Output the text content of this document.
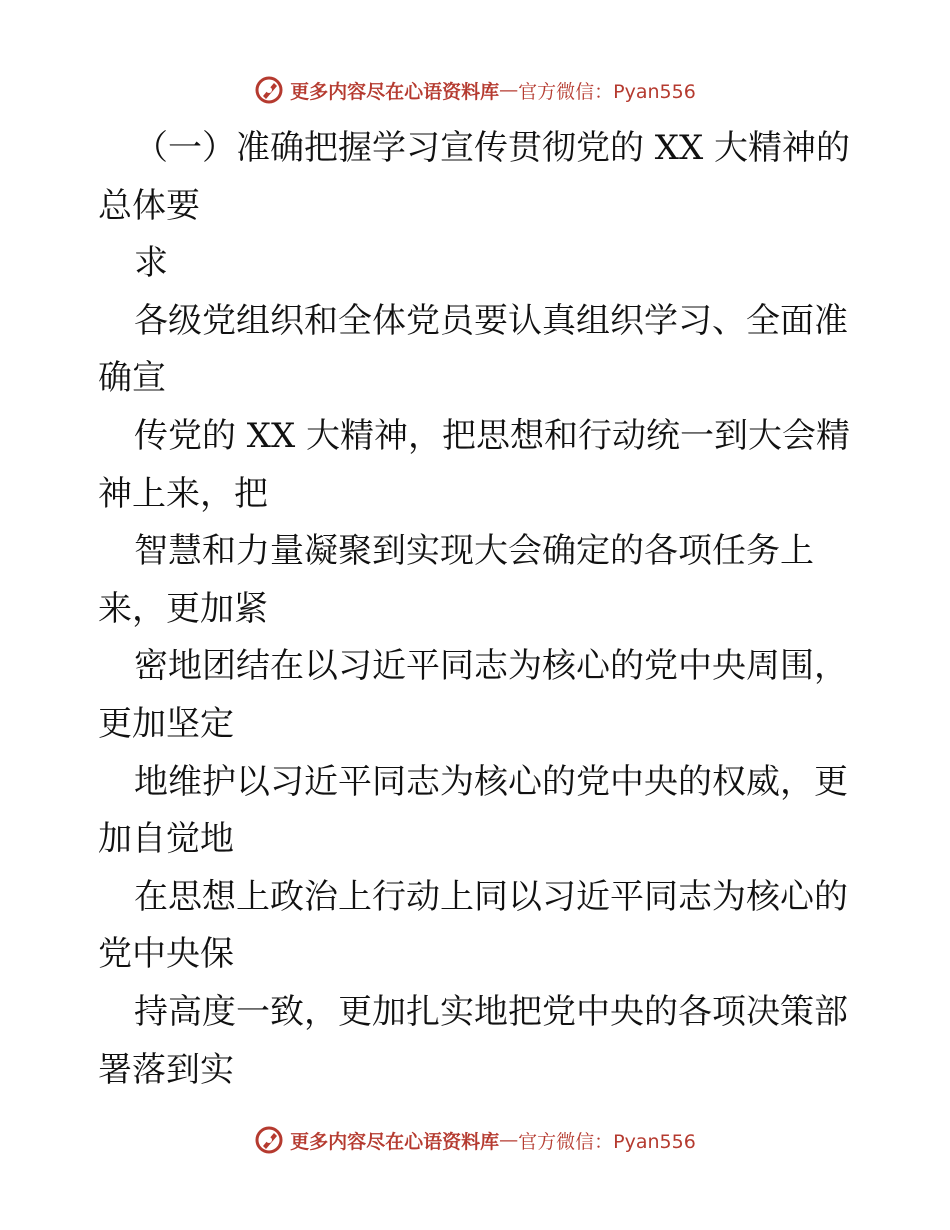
更多内容尽在心语资料库 — 官方微信：Pyan556
（一）准确把握学习宣传贯彻党的 XX 大精神的
总体要
求
各级党组织和全体党员要认真组织学习、全面准
确宣
传党的 XX 大精神，把思想和行动统一到大会精
神上来，把
智慧和力量凝聚到实现大会确定的各项任务上
来，更加紧
密地团结在以习近平同志为核心的党中央周围，
更加坚定
地维护以习近平同志为核心的党中央的权威，更
加自觉地
在思想上政治上行动上同以习近平同志为核心的
党中央保
持高度一致，更加扎实地把党中央的各项决策部
署落到实
更多内容尽在心语资料库 — 官方微信：Pyan556
